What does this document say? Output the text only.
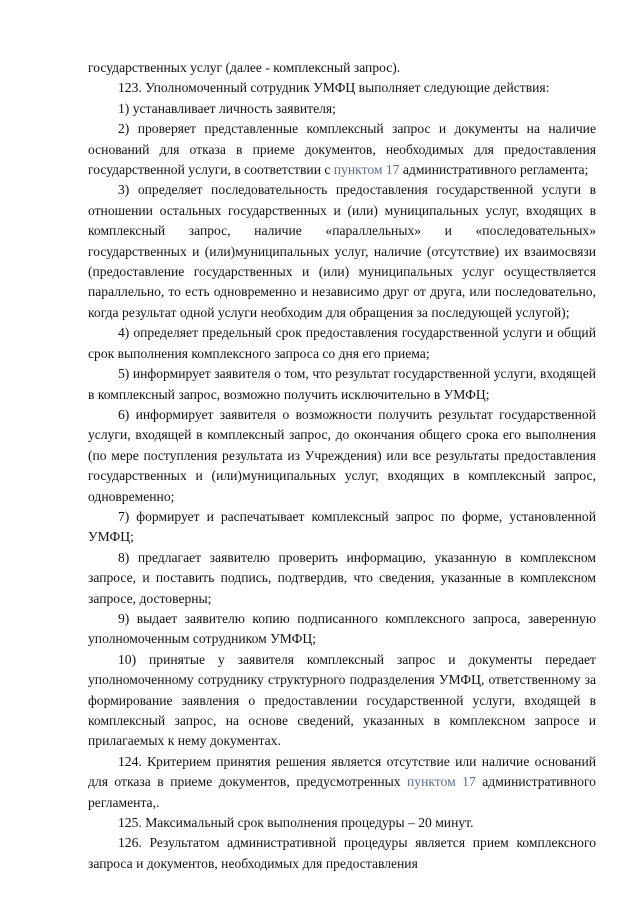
государственных услуг (далее - комплексный запрос).

123. Уполномоченный сотрудник УМФЦ выполняет следующие действия:

1) устанавливает личность заявителя;

2) проверяет представленные комплексный запрос и документы на наличие оснований для отказа в приеме документов, необходимых для предоставления государственной услуги, в соответствии с пунктом 17 административного регламента;

3) определяет последовательность предоставления государственной услуги в отношении остальных государственных и (или) муниципальных услуг, входящих в комплексный запрос, наличие «параллельных» и «последовательных» государственных и (или)муниципальных услуг, наличие (отсутствие) их взаимосвязи (предоставление государственных и (или) муниципальных услуг осуществляется параллельно, то есть одновременно и независимо друг от друга, или последовательно, когда результат одной услуги необходим для обращения за последующей услугой);

4) определяет предельный срок предоставления государственной услуги и общий срок выполнения комплексного запроса со дня его приема;

5) информирует заявителя о том, что результат государственной услуги, входящей в комплексный запрос, возможно получить исключительно в УМФЦ;

6) информирует заявителя о возможности получить результат государственной услуги, входящей в комплексный запрос, до окончания общего срока его выполнения (по мере поступления результата из Учреждения) или все результаты предоставления государственных и (или)муниципальных услуг, входящих в комплексный запрос, одновременно;

7) формирует и распечатывает комплексный запрос по форме, установленной УМФЦ;

8) предлагает заявителю проверить информацию, указанную в комплексном запросе, и поставить подпись, подтвердив, что сведения, указанные в комплексном запросе, достоверны;

9) выдает заявителю копию подписанного комплексного запроса, заверенную уполномоченным сотрудником УМФЦ;

10) принятые у заявителя комплексный запрос и документы передает уполномоченному сотруднику структурного подразделения УМФЦ, ответственному за формирование заявления о предоставлении государственной услуги, входящей в комплексный запрос, на основе сведений, указанных в комплексном запросе и прилагаемых к нему документах.

124. Критерием принятия решения является отсутствие или наличие оснований для отказа в приеме документов, предусмотренных пунктом 17 административного регламента,.

125. Максимальный срок выполнения процедуры – 20 минут.

126. Результатом административной процедуры является прием комплексного запроса и документов, необходимых для предоставления
